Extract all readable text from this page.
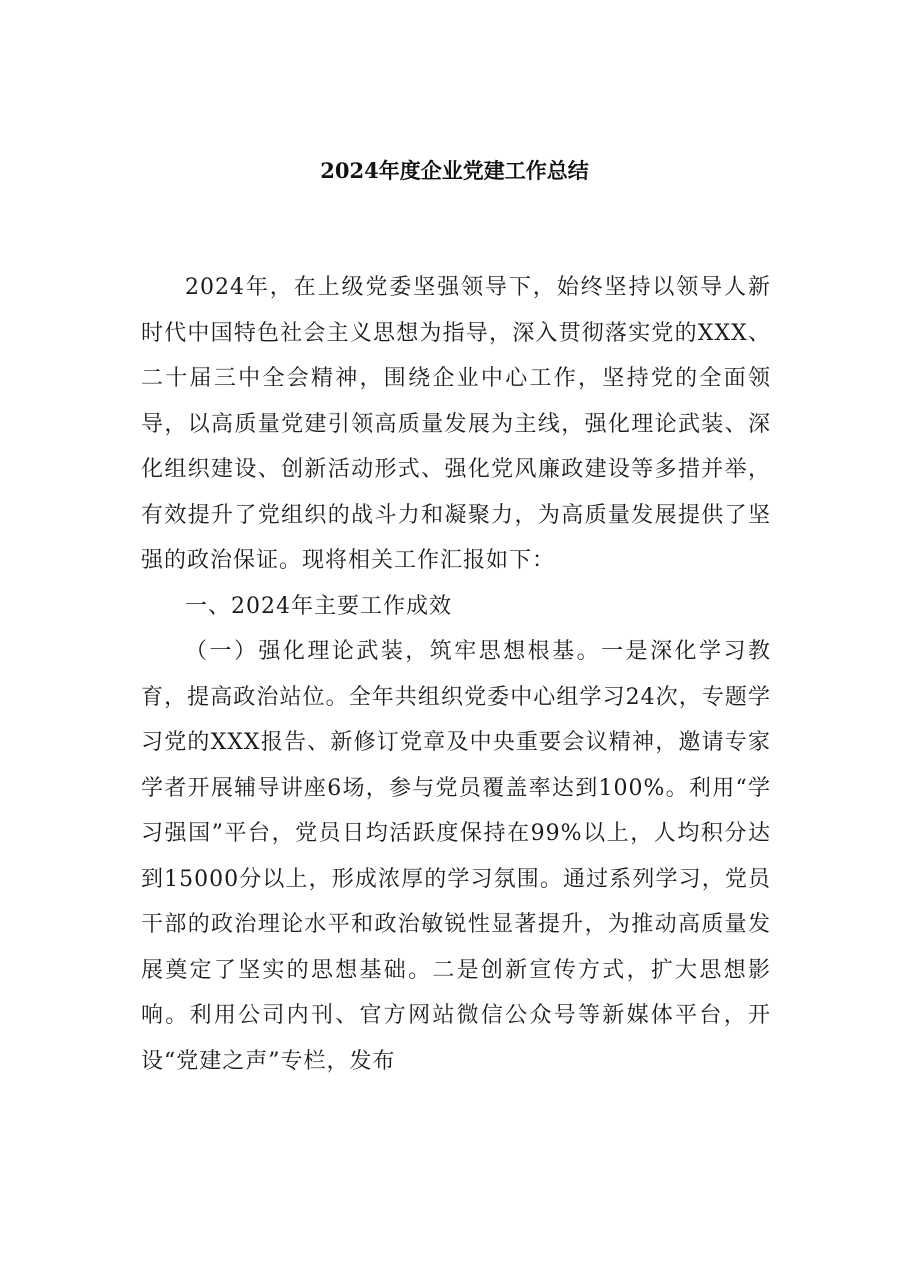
2024年度企业党建工作总结

2024年，在上级党委坚强领导下，始终坚持以领导人新时代中国特色社会主义思想为指导，深入贯彻落实党的XXX、二十届三中全会精神，围绕企业中心工作，坚持党的全面领导，以高质量党建引领高质量发展为主线，强化理论武装、深化组织建设、创新活动形式、强化党风廉政建设等多措并举，有效提升了党组织的战斗力和凝聚力，为高质量发展提供了坚强的政治保证。现将相关工作汇报如下：

一、2024年主要工作成效

（一）强化理论武装，筑牢思想根基。一是深化学习教育，提高政治站位。全年共组织党委中心组学习24次，专题学习党的XXX报告、新修订党章及中央重要会议精神，邀请专家学者开展辅导讲座6场，参与党员覆盖率达到100%。利用“学习强国”平台，党员日均活跃度保持在99%以上，人均积分达到15000分以上，形成浓厚的学习氛围。通过系列学习，党员干部的政治理论水平和政治敏锐性显著提升，为推动高质量发展奠定了坚实的思想基础。二是创新宣传方式，扩大思想影响。利用公司内刊、官方网站微信公众号等新媒体平台，开设“党建之声”专栏，发布
